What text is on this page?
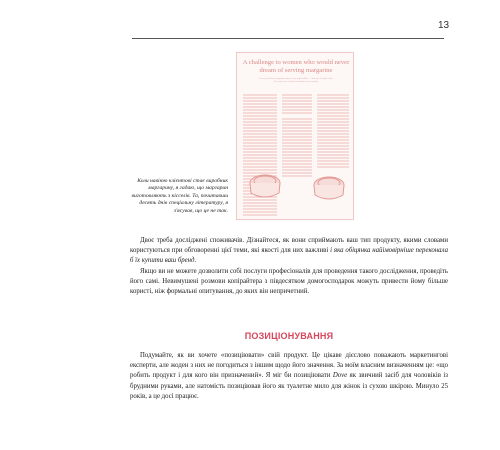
13
A challenge to women who would never dream of serving margarine
Every brand of margarine tastes very much alike — but one is made with the same care as the best butter you can buy
Коли навіюю клієнтові стає виробник маргарину, я гадаю, що маргарин виготовляють з кісселів. Та, почитавши десять днів спеціальну літературу, я з'ясував, що це не так.

Двоє треба досліджені споживачів. Дізнайтеся, як вони сприймають ваш тип продукту, якими словами користуються при обговоренні цієї теми, які якості для них важливі і яка обіцянка найімовірніше переконала б їх купити ваш бренд.

Якщо ви не можете дозволити собі послуги професіоналів для проведення такого дослідження, проведіть його самі. Невимушені розмови копірайтера з півдесятком домогосподарок можуть привести йому більше користі, ніж формальні опитування, до яких він непричетний.

ПОЗИЦІОНУВАННЯ

Подумайте, як ви хочете «позиціювати» свій продукт. Це цікаве дієслово поважають маркетингові експерти, але жоден з них не погодиться з іншим щодо його значення. За моїм власним визначенням це: «що робить продукт і для кого він призначений». Я міг би позиціювати Dove як звичний засіб для чоловіків із брудними руками, але натомість позиціював його як туалетне мило для жінок із сухою шкірою. Минуло 25 років, а це досі працює.
